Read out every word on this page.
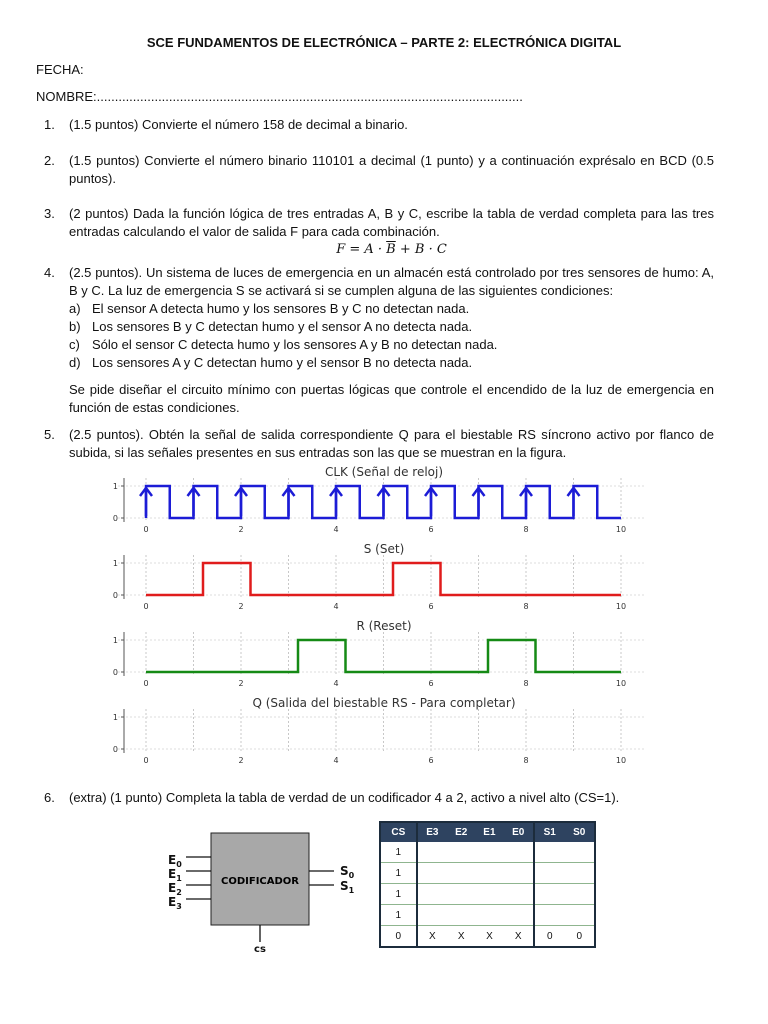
SCE FUNDAMENTOS DE ELECTRÓNICA – PARTE 2: ELECTRÓNICA DIGITAL
FECHA:
NOMBRE:......................................................................................................................
1. (1.5 puntos) Convierte el número 158 de decimal a binario.
2. (1.5 puntos) Convierte el número binario 110101 a decimal (1 punto) y a continuación exprésalo en BCD (0.5 puntos).
3. (2 puntos) Dada la función lógica de tres entradas A, B y C, escribe la tabla de verdad completa para las tres entradas calculando el valor de salida F para cada combinación.
$F = A \cdot \overline{B} + B \cdot C$
4. (2.5 puntos). Un sistema de luces de emergencia en un almacén está controlado por tres sensores de humo: A, B y C. La luz de emergencia S se activará si se cumplen alguna de las siguientes condiciones:
a) El sensor A detecta humo y los sensores B y C no detectan nada.
b) Los sensores B y C detectan humo y el sensor A no detecta nada.
c) Sólo el sensor C detecta humo y los sensores A y B no detectan nada.
d) Los sensores A y C detectan humo y el sensor B no detecta nada.
Se pide diseñar el circuito mínimo con puertas lógicas que controle el encendido de la luz de emergencia en función de estas condiciones.
5. (2.5 puntos). Obtén la señal de salida correspondiente Q para el biestable RS síncrono activo por flanco de subida, si las señales presentes en sus entradas son las que se muestran en la figura.
CLK (Señal de reloj)
1
0
0	2	4	6	8	10
S (Set)
1
0
0	2	4	6	8	10
R (Reset)
1
0
0	2	4	6	8	10
Q (Salida del biestable RS - Para completar)
1
0
0	2	4	6	8	10
6. (extra) (1 punto) Completa la tabla de verdad de un codificador 4 a 2, activo a nivel alto (CS=1).
CODIFICADOR
$E_0$
$E_1$
$E_2$
$E_3$
$S_0$
$S_1$
cs
CS	E3	E2	E1	E0	S1	S0
1						
1						
1						
1						
0	X	X	X	X	0	0
